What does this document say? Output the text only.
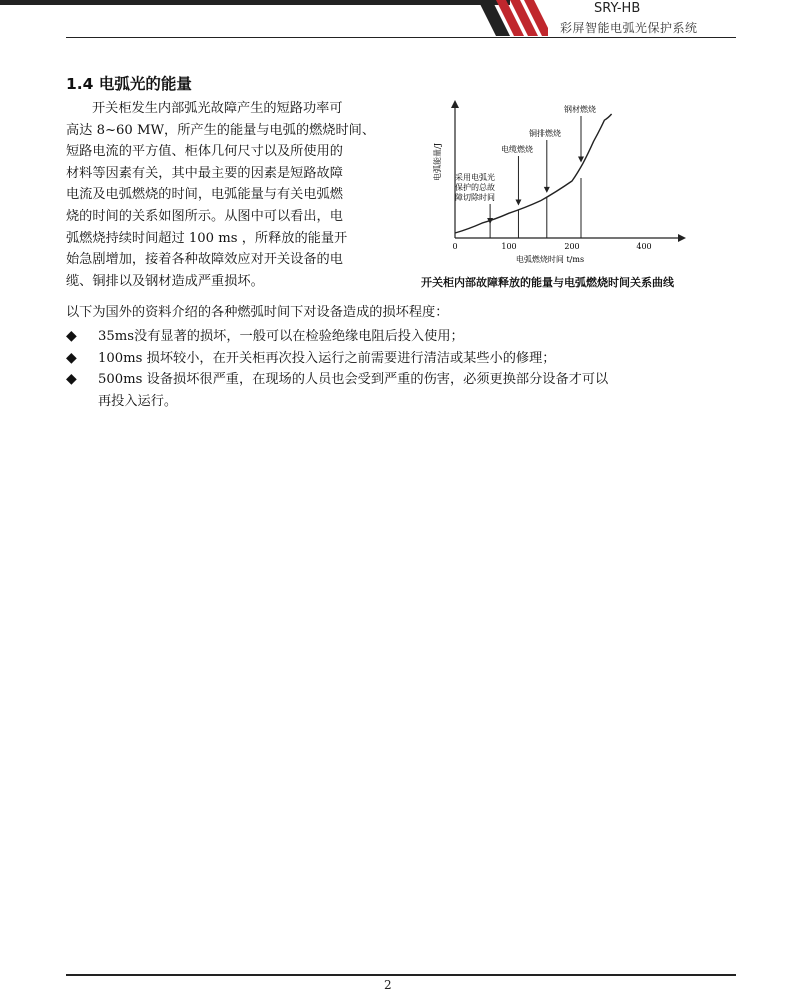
SRY-HB
彩屏智能电弧光保护系统
1.4 电弧光的能量
开关柜发生内部弧光故障产生的短路功率可
高达 8~60 MW，所产生的能量与电弧的燃烧时间、
短路电流的平方值、柜体几何尺寸以及所使用的
材料等因素有关，其中最主要的因素是短路故障
电流及电弧燃烧的时间，电弧能量与有关电弧燃
烧的时间的关系如图所示。从图中可以看出，电
弧燃烧持续时间超过 100 ms ，所释放的能量开
始急剧增加，接着各种故障效应对开关设备的电
缆、铜排以及钢材造成严重损坏。
采用电弧光
保护的总故
障切除时间
电缆燃烧
铜排燃烧
钢材燃烧
0	100	200	400
电弧燃烧时间 t/ms
电弧能量/J
开关柜内部故障释放的能量与电弧燃烧时间关系曲线
以下为国外的资料介绍的各种燃弧时间下对设备造成的损坏程度：
◆ 35ms没有显著的损坏，一般可以在检验绝缘电阻后投入使用；
◆ 100ms 损坏较小，在开关柜再次投入运行之前需要进行清洁或某些小的修理；
◆ 500ms 设备损坏很严重，在现场的人员也会受到严重的伤害，必须更换部分设备才可以
再投入运行。
2
